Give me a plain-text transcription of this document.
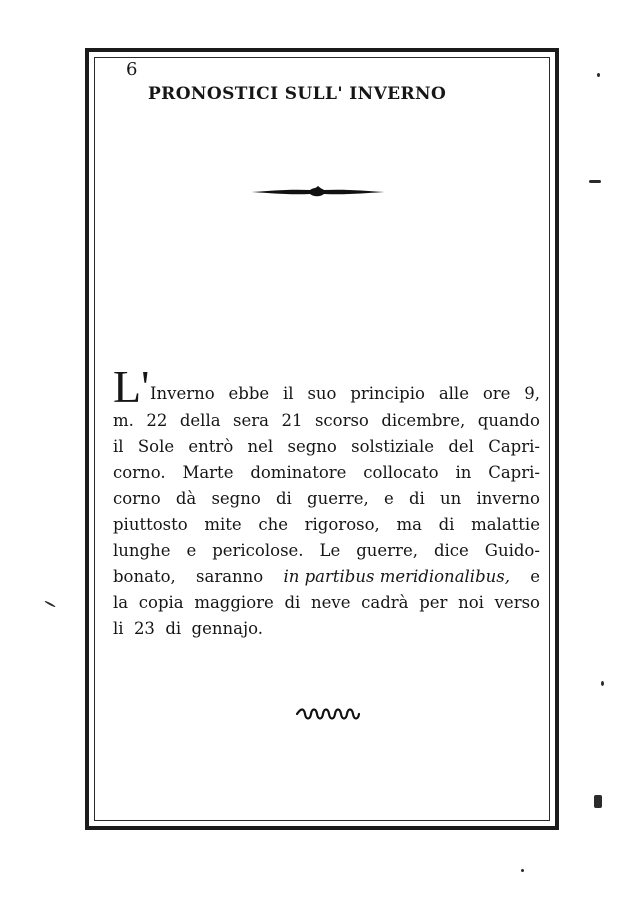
6
PRONOSTICI SULL' INVERNO
L' Inverno ebbe il suo principio alle ore 9,
m. 22 della sera 21 scorso dicembre, quando
il Sole entrò nel segno solstiziale del Capri-
corno. Marte dominatore collocato in Capri-
corno dà segno di guerre, e di un inverno
piuttosto mite che rigoroso, ma di malattie
lunghe e pericolose. Le guerre, dice Guido-
bonato, saranno in partibus meridionalibus, e
la copia maggiore di neve cadrà per noi verso
li 23 di gennajo.
